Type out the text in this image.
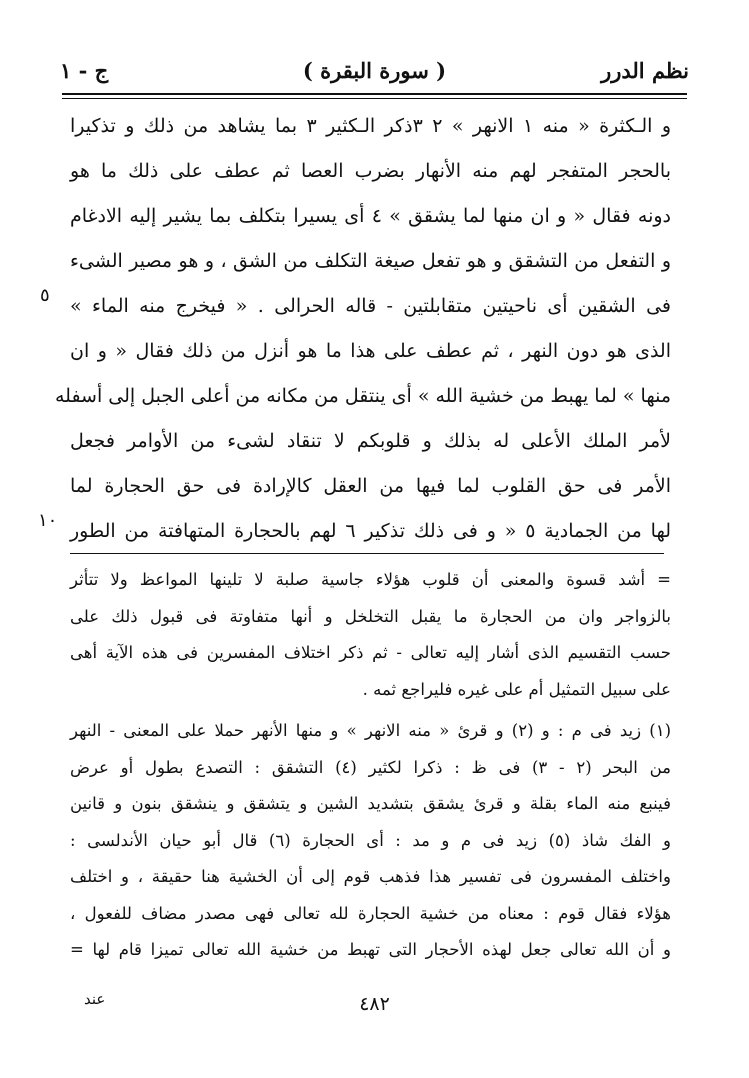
نظم الدرر
( سورة البقرة )
ج - ١
و الـكثرة « منه ١ الانهر » ٢ ٣ذكر الـكثير ٣ بما يشاهد من ذلك و تذكيرا
بالحجر المتفجر لهم منه الأنهار بضرب العصا ثم عطف على ذلك ما هو
دونه فقال « و ان منها لما يشقق » ٤ أى يسيرا بتكلف بما يشير إليه الادغام
و التفعل من التشقق و هو تفعل صيغة التكلف من الشق ، و هو مصير الشىء
فى الشقين أى ناحيتين متقابلتين - قاله الحرالى . « فيخرج منه الماء »
الذى هو دون النهر ، ثم عطف على هذا ما هو أنزل من ذلك فقال « و ان
منها » لما يهبط من خشية الله » أى ينتقل من مكانه من أعلى الجبل إلى أسفله
لأمر الملك الأعلى له بذلك و قلوبكم لا تنقاد لشىء من الأوامر فجعل
الأمر فى حق القلوب لما فيها من العقل كالإرادة فى حق الحجارة لما
لها من الجمادية ٥ « و فى ذلك تذكير ٦ لهم بالحجارة المتهافتة من الطور
٥
١٠
= أشد قسوة والمعنى أن قلوب هؤلاء جاسية صلبة لا تلينها المواعظ ولا تتأثر
بالزواجر وان من الحجارة ما يقبل التخلخل و أنها متفاوتة فى قبول ذلك على
حسب التقسيم الذى أشار إليه تعالى - ثم ذكر اختلاف المفسرين فى هذه الآية أهى
على سبيل التمثيل أم على غيره فليراجع ثمه .
(١) زيد فى م : و (٢) و قرئ « منه الانهر » و منها الأنهر حملا على المعنى - النهر
من البحر (٢ - ٣) فى ظ : ذكرا لكثير (٤) التشقق : التصدع بطول أو عرض
فينبع منه الماء بقلة و قرئ يشقق بتشديد الشين و يتشقق و ينشقق بنون و قانين
و الفك شاذ (٥) زيد فى م و مد : أى الحجارة (٦) قال أبو حيان الأندلسى :
واختلف المفسرون فى تفسير هذا فذهب قوم إلى أن الخشية هنا حقيقة ، و اختلف
هؤلاء فقال قوم : معناه من خشية الحجارة لله تعالى فهى مصدر مضاف للفعول ،
و أن الله تعالى جعل لهذه الأحجار التى تهبط من خشية الله تعالى تميزا قام لها =
عند	٤٨٢
